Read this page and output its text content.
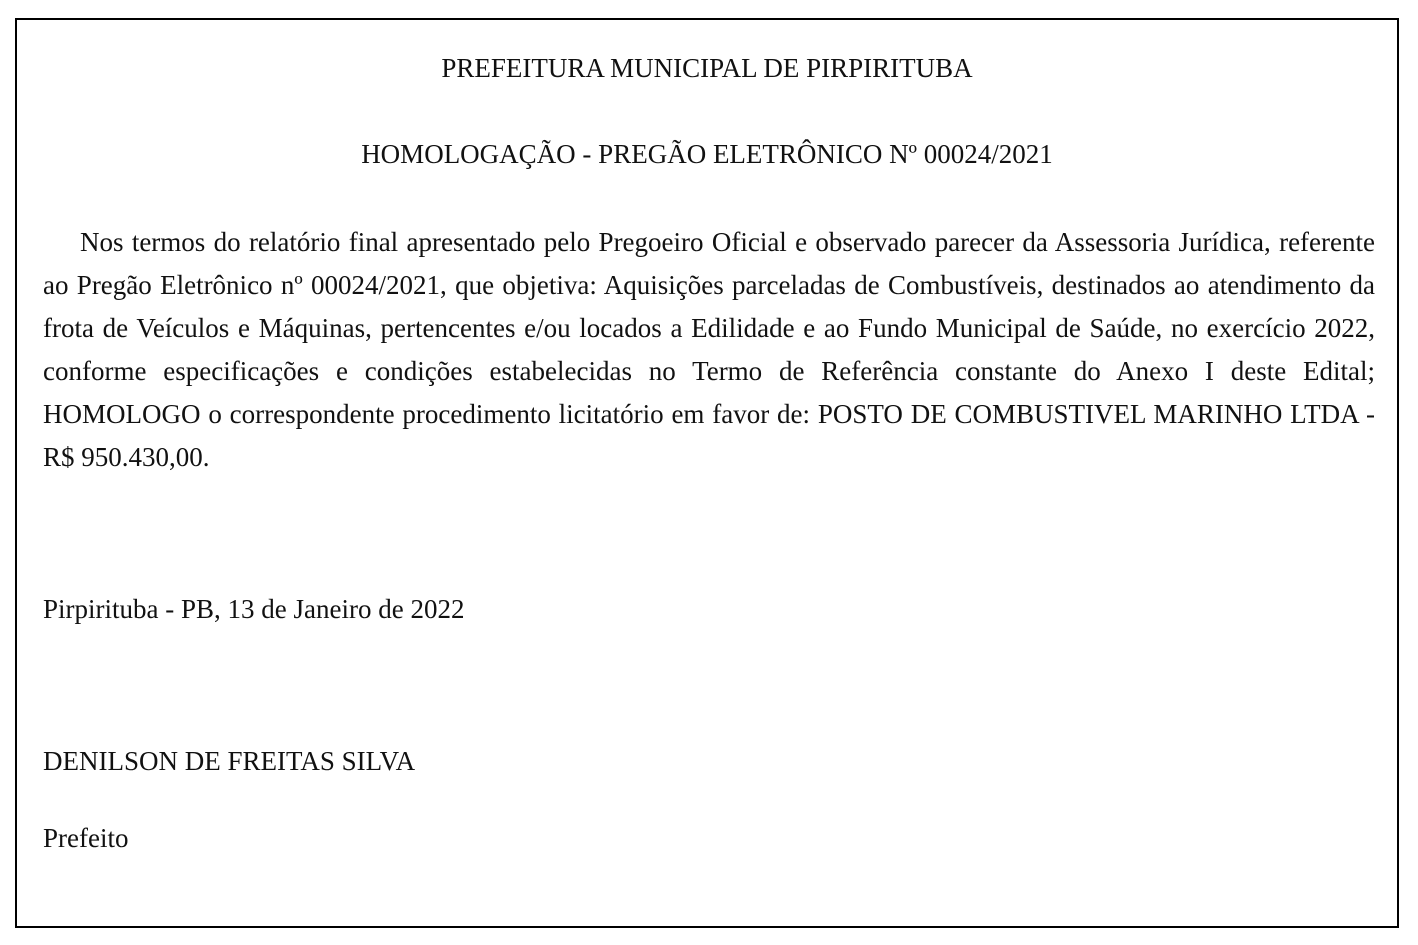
PREFEITURA MUNICIPAL DE PIRPIRITUBA
HOMOLOGAÇÃO - PREGÃO ELETRÔNICO Nº 00024/2021

Nos termos do relatório final apresentado pelo Pregoeiro Oficial e observado parecer da Assessoria Jurídica, referente ao Pregão Eletrônico nº 00024/2021, que objetiva: Aquisições parceladas de Combustíveis, destinados ao atendimento da frota de Veículos e Máquinas, pertencentes e/ou locados a Edilidade e ao Fundo Municipal de Saúde, no exercício 2022, conforme especificações e condições estabelecidas no Termo de Referência constante do Anexo I deste Edital; HOMOLOGO o correspondente procedimento licitatório em favor de: POSTO DE COMBUSTIVEL MARINHO LTDA - R$ 950.430,00.

Pirpirituba - PB, 13 de Janeiro de 2022
DENILSON DE FREITAS SILVA
Prefeito
